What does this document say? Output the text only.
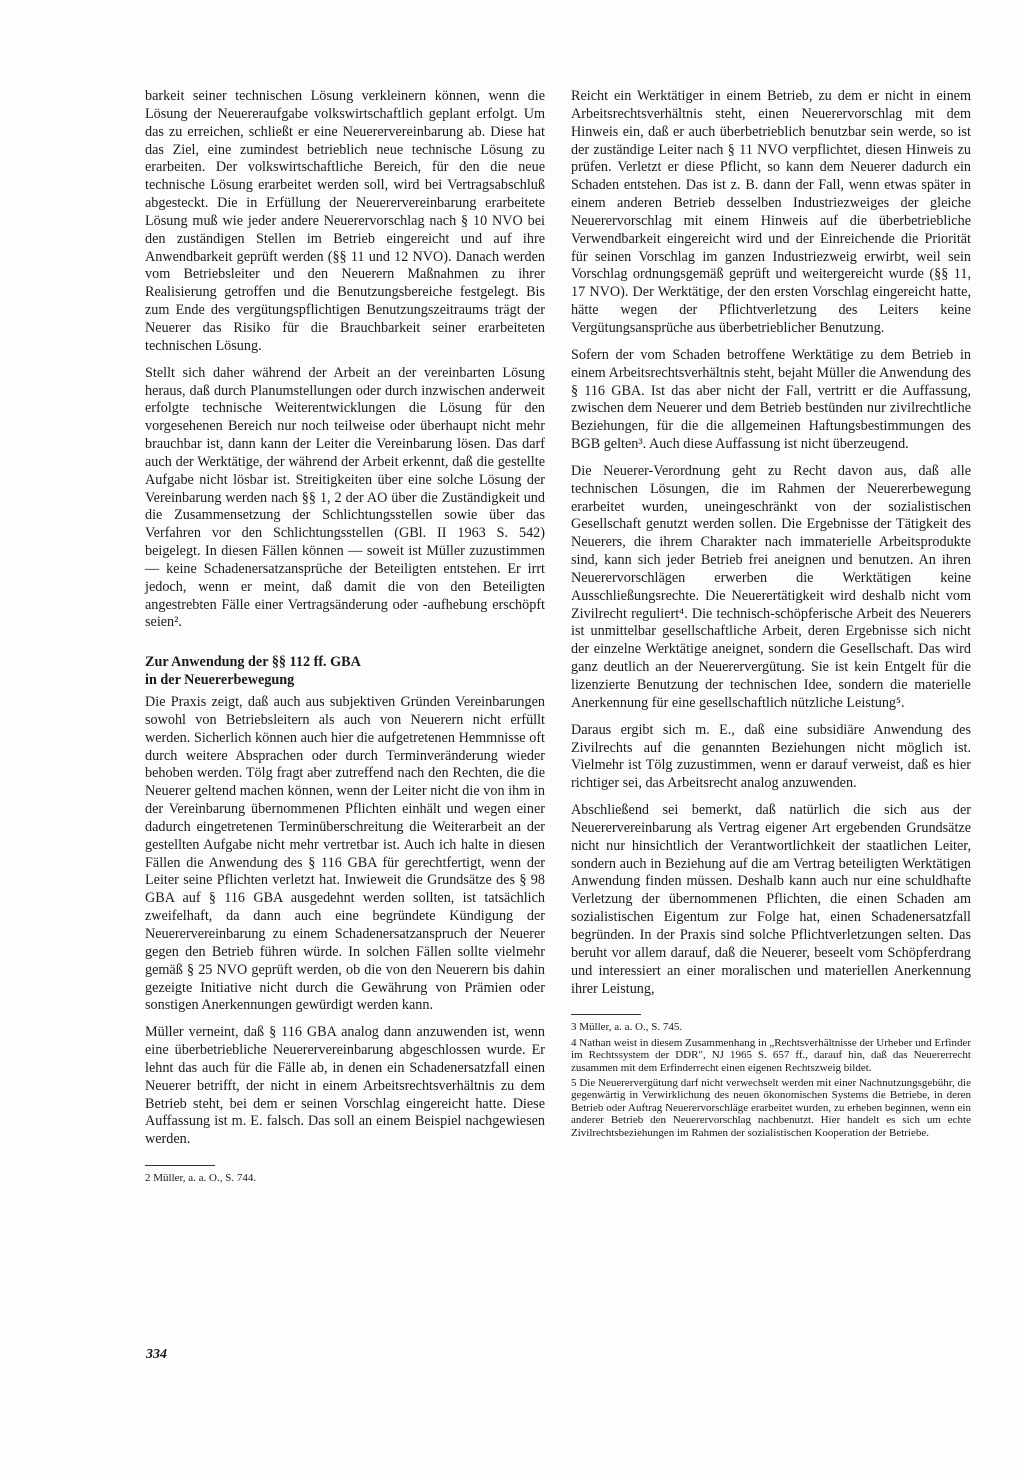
barkeit seiner technischen Lösung verkleinern können, wenn die Lösung der Neuereraufgabe volkswirtschaftlich geplant erfolgt. Um das zu erreichen, schließt er eine Neuerervereinbarung ab. Diese hat das Ziel, eine zumindest betrieblich neue technische Lösung zu erarbeiten. Der volkswirtschaftliche Bereich, für den die neue technische Lösung erarbeitet werden soll, wird bei Vertragsabschluß abgesteckt. Die in Erfüllung der Neuerervereinbarung erarbeitete Lösung muß wie jeder andere Neuerervorschlag nach § 10 NVO bei den zuständigen Stellen im Betrieb eingereicht und auf ihre Anwendbarkeit geprüft werden (§§ 11 und 12 NVO). Danach werden vom Betriebsleiter und den Neuerern Maßnahmen zu ihrer Realisierung getroffen und die Benutzungsbereiche festgelegt. Bis zum Ende des vergütungspflichtigen Benutzungszeitraums trägt der Neuerer das Risiko für die Brauchbarkeit seiner erarbeiteten technischen Lösung.

Stellt sich daher während der Arbeit an der vereinbarten Lösung heraus, daß durch Planumstellungen oder durch inzwischen anderweit erfolgte technische Weiterentwicklungen die Lösung für den vorgesehenen Bereich nur noch teilweise oder überhaupt nicht mehr brauchbar ist, dann kann der Leiter die Vereinbarung lösen. Das darf auch der Werktätige, der während der Arbeit erkennt, daß die gestellte Aufgabe nicht lösbar ist. Streitigkeiten über eine solche Lösung der Vereinbarung werden nach §§ 1, 2 der AO über die Zuständigkeit und die Zusammensetzung der Schlichtungsstellen sowie über das Verfahren vor den Schlichtungsstellen (GBl. II 1963 S. 542) beigelegt. In diesen Fällen können — soweit ist Müller zuzustimmen — keine Schadenersatzansprüche der Beteiligten entstehen. Er irrt jedoch, wenn er meint, daß damit die von den Beteiligten angestrebten Fälle einer Vertragsänderung oder -aufhebung erschöpft seien².

Zur Anwendung der §§ 112 ff. GBA
in der Neuererbewegung

Die Praxis zeigt, daß auch aus subjektiven Gründen Vereinbarungen sowohl von Betriebsleitern als auch von Neuerern nicht erfüllt werden. Sicherlich können auch hier die aufgetretenen Hemmnisse oft durch weitere Absprachen oder durch Terminveränderung wieder behoben werden. Tölg fragt aber zutreffend nach den Rechten, die die Neuerer geltend machen können, wenn der Leiter nicht die von ihm in der Vereinbarung übernommenen Pflichten einhält und wegen einer dadurch eingetretenen Terminüberschreitung die Weiterarbeit an der gestellten Aufgabe nicht mehr vertretbar ist. Auch ich halte in diesen Fällen die Anwendung des § 116 GBA für gerechtfertigt, wenn der Leiter seine Pflichten verletzt hat. Inwieweit die Grundsätze des § 98 GBA auf § 116 GBA ausgedehnt werden sollten, ist tatsächlich zweifelhaft, da dann auch eine begründete Kündigung der Neuerervereinbarung zu einem Schadenersatzanspruch der Neuerer gegen den Betrieb führen würde. In solchen Fällen sollte vielmehr gemäß § 25 NVO geprüft werden, ob die von den Neuerern bis dahin gezeigte Initiative nicht durch die Gewährung von Prämien oder sonstigen Anerkennungen gewürdigt werden kann.

Müller verneint, daß § 116 GBA analog dann anzuwenden ist, wenn eine überbetriebliche Neuerervereinbarung abgeschlossen wurde. Er lehnt das auch für die Fälle ab, in denen ein Schadenersatzfall einen Neuerer betrifft, der nicht in einem Arbeitsrechtsverhältnis zu dem Betrieb steht, bei dem er seinen Vorschlag eingereicht hatte. Diese Auffassung ist m. E. falsch. Das soll an einem Beispiel nachgewiesen werden.

2 Müller, a. a. O., S. 744.

Reicht ein Werktätiger in einem Betrieb, zu dem er nicht in einem Arbeitsrechtsverhältnis steht, einen Neuerervorschlag mit dem Hinweis ein, daß er auch überbetrieblich benutzbar sein werde, so ist der zuständige Leiter nach § 11 NVO verpflichtet, diesen Hinweis zu prüfen. Verletzt er diese Pflicht, so kann dem Neuerer dadurch ein Schaden entstehen. Das ist z. B. dann der Fall, wenn etwas später in einem anderen Betrieb desselben Industriezweiges der gleiche Neuerervorschlag mit einem Hinweis auf die überbetriebliche Verwendbarkeit eingereicht wird und der Einreichende die Priorität für seinen Vorschlag im ganzen Industriezweig erwirbt, weil sein Vorschlag ordnungsgemäß geprüft und weitergereicht wurde (§§ 11, 17 NVO). Der Werktätige, der den ersten Vorschlag eingereicht hatte, hätte wegen der Pflichtverletzung des Leiters keine Vergütungsansprüche aus überbetrieblicher Benutzung.

Sofern der vom Schaden betroffene Werktätige zu dem Betrieb in einem Arbeitsrechtsverhältnis steht, bejaht Müller die Anwendung des § 116 GBA. Ist das aber nicht der Fall, vertritt er die Auffassung, zwischen dem Neuerer und dem Betrieb bestünden nur zivilrechtliche Beziehungen, für die die allgemeinen Haftungsbestimmungen des BGB gelten³. Auch diese Auffassung ist nicht überzeugend.

Die Neuerer-Verordnung geht zu Recht davon aus, daß alle technischen Lösungen, die im Rahmen der Neuererbewegung erarbeitet wurden, uneingeschränkt von der sozialistischen Gesellschaft genutzt werden sollen. Die Ergebnisse der Tätigkeit des Neuerers, die ihrem Charakter nach immaterielle Arbeitsprodukte sind, kann sich jeder Betrieb frei aneignen und benutzen. An ihren Neuerervorschlägen erwerben die Werktätigen keine Ausschließungsrechte. Die Neuerertätigkeit wird deshalb nicht vom Zivilrecht reguliert⁴. Die technisch-schöpferische Arbeit des Neuerers ist unmittelbar gesellschaftliche Arbeit, deren Ergebnisse sich nicht der einzelne Werktätige aneignet, sondern die Gesellschaft. Das wird ganz deutlich an der Neuerervergütung. Sie ist kein Entgelt für die lizenzierte Benutzung der technischen Idee, sondern die materielle Anerkennung für eine gesellschaftlich nützliche Leistung⁵.

Daraus ergibt sich m. E., daß eine subsidiäre Anwendung des Zivilrechts auf die genannten Beziehungen nicht möglich ist. Vielmehr ist Tölg zuzustimmen, wenn er darauf verweist, daß es hier richtiger sei, das Arbeitsrecht analog anzuwenden.

Abschließend sei bemerkt, daß natürlich die sich aus der Neuerervereinbarung als Vertrag eigener Art ergebenden Grundsätze nicht nur hinsichtlich der Verantwortlichkeit der staatlichen Leiter, sondern auch in Beziehung auf die am Vertrag beteiligten Werktätigen Anwendung finden müssen. Deshalb kann auch nur eine schuldhafte Verletzung der übernommenen Pflichten, die einen Schaden am sozialistischen Eigentum zur Folge hat, einen Schadenersatzfall begründen. In der Praxis sind solche Pflichtverletzungen selten. Das beruht vor allem darauf, daß die Neuerer, beseelt vom Schöpferdrang und interessiert an einer moralischen und materiellen Anerkennung ihrer Leistung,

3 Müller, a. a. O., S. 745.

4 Nathan weist in diesem Zusammenhang in „Rechtsverhältnisse der Urheber und Erfinder im Rechtssystem der DDR", NJ 1965 S. 657 ff., darauf hin, daß das Neuererrecht zusammen mit dem Erfinderrecht einen eigenen Rechtszweig bildet.

5 Die Neuerervergütung darf nicht verwechselt werden mit einer Nachnutzungsgebühr, die gegenwärtig in Verwirklichung des neuen ökonomischen Systems die Betriebe, in deren Betrieb oder Auftrag Neuerervorschläge erarbeitet wurden, zu erheben beginnen, wenn ein anderer Betrieb den Neuerervorschlag nachbenutzt. Hier handelt es sich um echte Zivilrechtsbeziehungen im Rahmen der sozialistischen Kooperation der Betriebe.

334
